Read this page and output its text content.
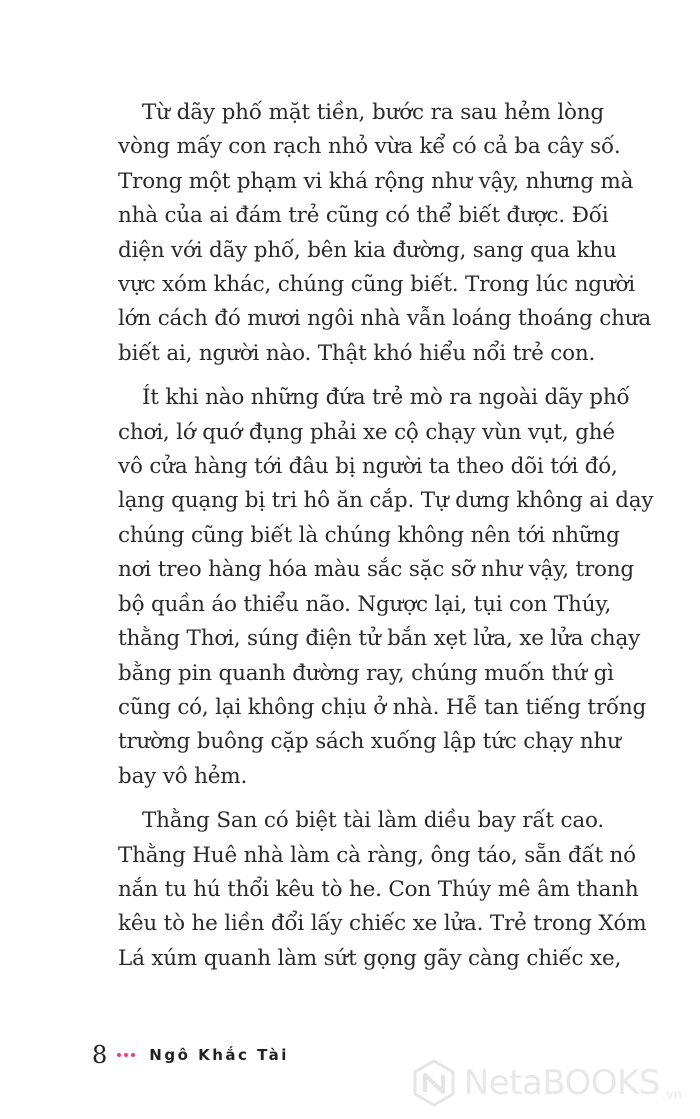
Từ dãy phố mặt tiền, bước ra sau hẻm lòng
vòng mấy con rạch nhỏ vừa kể có cả ba cây số.
Trong một phạm vi khá rộng như vậy, nhưng mà
nhà của ai đám trẻ cũng có thể biết được. Đối
diện với dãy phố, bên kia đường, sang qua khu
vực xóm khác, chúng cũng biết. Trong lúc người
lớn cách đó mươi ngôi nhà vẫn loáng thoáng chưa
biết ai, người nào. Thật khó hiểu nổi trẻ con.

Ít khi nào những đứa trẻ mò ra ngoài dãy phố
chơi, lớ quớ đụng phải xe cộ chạy vùn vụt, ghé
vô cửa hàng tới đâu bị người ta theo dõi tới đó,
lạng quạng bị tri hô ăn cắp. Tự dưng không ai dạy
chúng cũng biết là chúng không nên tới những
nơi treo hàng hóa màu sắc sặc sỡ như vậy, trong
bộ quần áo thiểu não. Ngược lại, tụi con Thúy,
thằng Thơi, súng điện tử bắn xẹt lửa, xe lửa chạy
bằng pin quanh đường ray, chúng muốn thứ gì
cũng có, lại không chịu ở nhà. Hễ tan tiếng trống
trường buông cặp sách xuống lập tức chạy như
bay vô hẻm.

Thằng San có biệt tài làm diều bay rất cao.
Thằng Huê nhà làm cà ràng, ông táo, sẵn đất nó
nắn tu hú thổi kêu tò he. Con Thúy mê âm thanh
kêu tò he liền đổi lấy chiếc xe lửa. Trẻ trong Xóm
Lá xúm quanh làm sứt gọng gãy càng chiếc xe,

8	Ngô Khắc Tài
NetaBOOKS .vn
